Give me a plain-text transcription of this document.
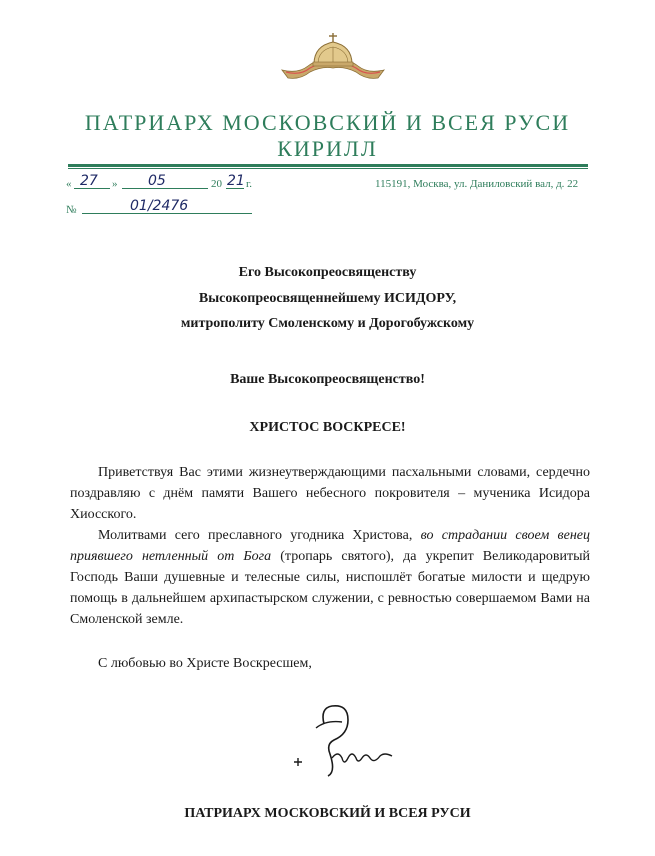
ПАТРИАРХ МОСКОВСКИЙ И ВСЕЯ РУСИ
КИРИЛЛ
« 27	»	05	20 21 г.	115191, Москва, ул. Даниловский вал, д. 22
№	01/2476
Его Высокопреосвященству
Высокопреосвященнейшему ИСИДОРУ,
митрополиту Смоленскому и Дорогобужскому
Ваше Высокопреосвященство!
ХРИСТОС ВОСКРЕСЕ!

Приветствуя Вас этими жизнеутверждающими пасхальными словами, сердечно поздравляю с днём памяти Вашего небесного покровителя – мученика Исидора Хиосского.

Молитвами сего преславного угодника Христова, во страдании своем венец приявшего нетленный от Бога (тропарь святого), да укрепит Великодаровитый Господь Ваши душевные и телесные силы, ниспошлёт богатые милости и щедрую помощь в дальнейшем архипастырском служении, с ревностью совершаемом Вами на Смоленской земле.

С любовью во Христе Воскресшем,
ПАТРИАРХ МОСКОВСКИЙ И ВСЕЯ РУСИ
